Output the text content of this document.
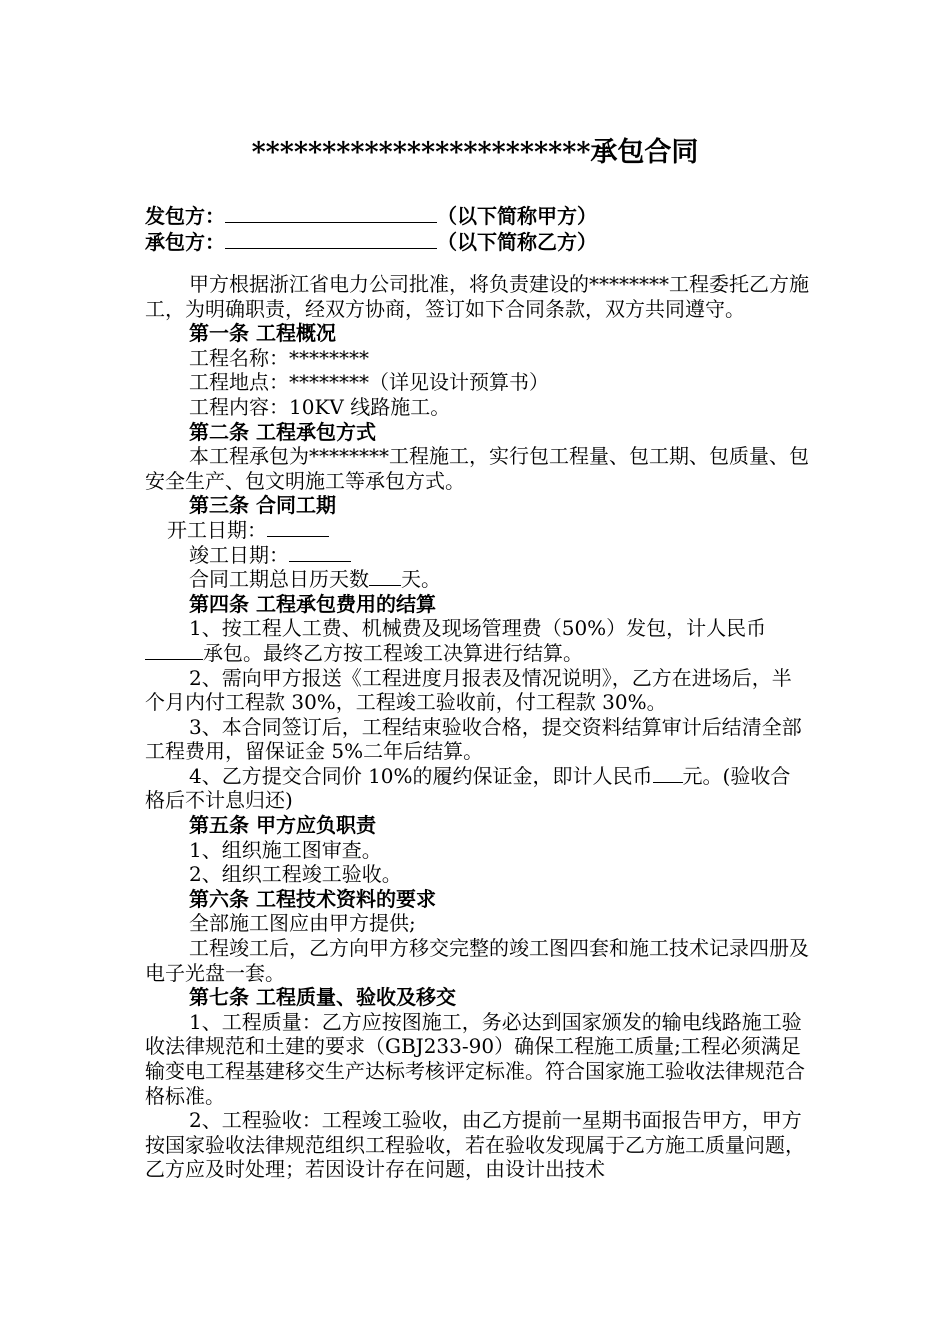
************************承包合同
发包方：	（以下简称甲方）
承包方：	（以下简称乙方）

甲方根据浙江省电力公司批准，将负责建设的********工程委托乙方施工，为明确职责，经双方协商，签订如下合同条款，双方共同遵守。

第一条 工程概况

工程名称：********

工程地点：********（详见设计预算书）

工程内容：10KV 线路施工。

第二条 工程承包方式

本工程承包为********工程施工，实行包工程量、包工期、包质量、包安全生产、包文明施工等承包方式。

第三条 合同工期

开工日期：

竣工日期：

合同工期总日历天数 天。

第四条 工程承包费用的结算

1、按工程人工费、机械费及现场管理费（50%）发包，计人民币 承包。最终乙方按工程竣工决算进行结算。

2、需向甲方报送《工程进度月报表及情况说明》，乙方在进场后，半个月内付工程款 30%，工程竣工验收前，付工程款 30%。

3、本合同签订后，工程结束验收合格，提交资料结算审计后结清全部工程费用，留保证金 5%二年后结算。

4、乙方提交合同价 10%的履约保证金，即计人民币 元。(验收合格后不计息归还)

第五条 甲方应负职责

1、组织施工图审查。

2、组织工程竣工验收。

第六条 工程技术资料的要求

全部施工图应由甲方提供;

工程竣工后，乙方向甲方移交完整的竣工图四套和施工技术记录四册及电子光盘一套。

第七条 工程质量、验收及移交

1、工程质量：乙方应按图施工，务必达到国家颁发的输电线路施工验收法律规范和土建的要求（GBJ233-90）确保工程施工质量;工程必须满足输变电工程基建移交生产达标考核评定标准。符合国家施工验收法律规范合格标准。

2、工程验收：工程竣工验收，由乙方提前一星期书面报告甲方，甲方按国家验收法律规范组织工程验收，若在验收发现属于乙方施工质量问题，乙方应及时处理；若因设计存在问题，由设计出技术
